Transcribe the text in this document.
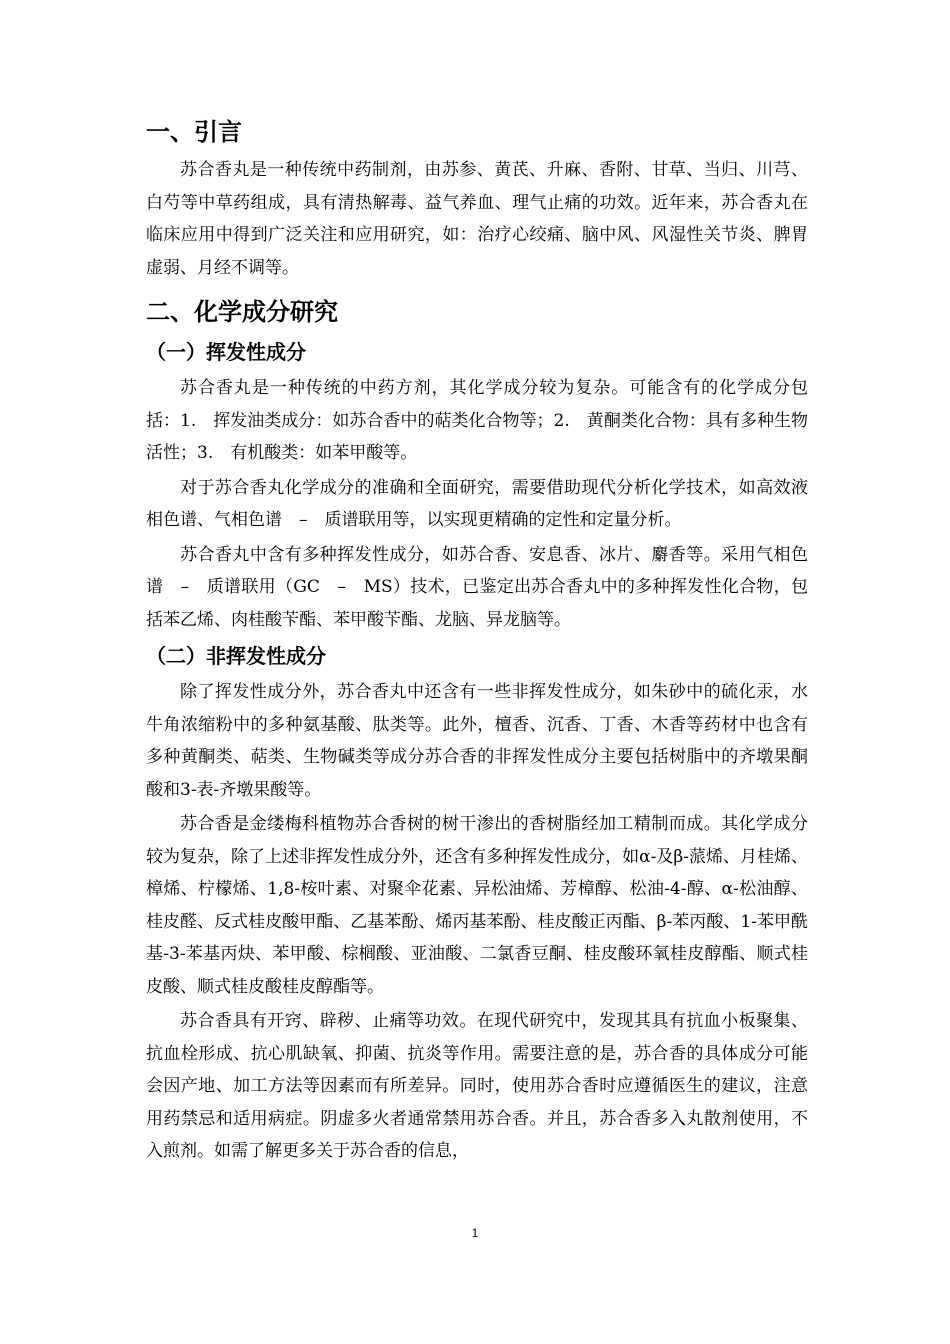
一、引言

苏合香丸是一种传统中药制剂，由苏参、黄芪、升麻、香附、甘草、当归、川芎、白芍等中草药组成，具有清热解毒、益气养血、理气止痛的功效。近年来，苏合香丸在临床应用中得到广泛关注和应用研究，如：治疗心绞痛、脑中风、风湿性关节炎、脾胃虚弱、月经不调等。

二、化学成分研究
（一）挥发性成分

苏合香丸是一种传统的中药方剂，其化学成分较为复杂。可能含有的化学成分包括：1.　挥发油类成分：如苏合香中的萜类化合物等；2.　黄酮类化合物：具有多种生物活性；3.　有机酸类：如苯甲酸等。

对于苏合香丸化学成分的准确和全面研究，需要借助现代分析化学技术，如高效液相色谱、气相色谱　–　质谱联用等，以实现更精确的定性和定量分析。

苏合香丸中含有多种挥发性成分，如苏合香、安息香、冰片、麝香等。采用气相色谱　–　质谱联用（GC　–　MS）技术，已鉴定出苏合香丸中的多种挥发性化合物，包括苯乙烯、肉桂酸苄酯、苯甲酸苄酯、龙脑、异龙脑等。

（二）非挥发性成分

除了挥发性成分外，苏合香丸中还含有一些非挥发性成分，如朱砂中的硫化汞，水牛角浓缩粉中的多种氨基酸、肽类等。此外，檀香、沉香、丁香、木香等药材中也含有多种黄酮类、萜类、生物碱类等成分苏合香的非挥发性成分主要包括树脂中的齐墩果酮酸和3-表-齐墩果酸等。

苏合香是金缕梅科植物苏合香树的树干渗出的香树脂经加工精制而成。其化学成分较为复杂，除了上述非挥发性成分外，还含有多种挥发性成分，如α-及β-蒎烯、月桂烯、樟烯、柠檬烯、1,8-桉叶素、对聚伞花素、异松油烯、芳樟醇、松油-4-醇、α-松油醇、桂皮醛、反式桂皮酸甲酯、乙基苯酚、烯丙基苯酚、桂皮酸正丙酯、β-苯丙酸、1-苯甲酰基-3-苯基丙炔、苯甲酸、棕榈酸、亚油酸、二氯香豆酮、桂皮酸环氧桂皮醇酯、顺式桂皮酸、顺式桂皮酸桂皮醇酯等。

苏合香具有开窍、辟秽、止痛等功效。在现代研究中，发现其具有抗血小板聚集、抗血栓形成、抗心肌缺氧、抑菌、抗炎等作用。需要注意的是，苏合香的具体成分可能会因产地、加工方法等因素而有所差异。同时，使用苏合香时应遵循医生的建议，注意用药禁忌和适用病症。阴虚多火者通常禁用苏合香。并且，苏合香多入丸散剂使用，不入煎剂。如需了解更多关于苏合香的信息，

1
